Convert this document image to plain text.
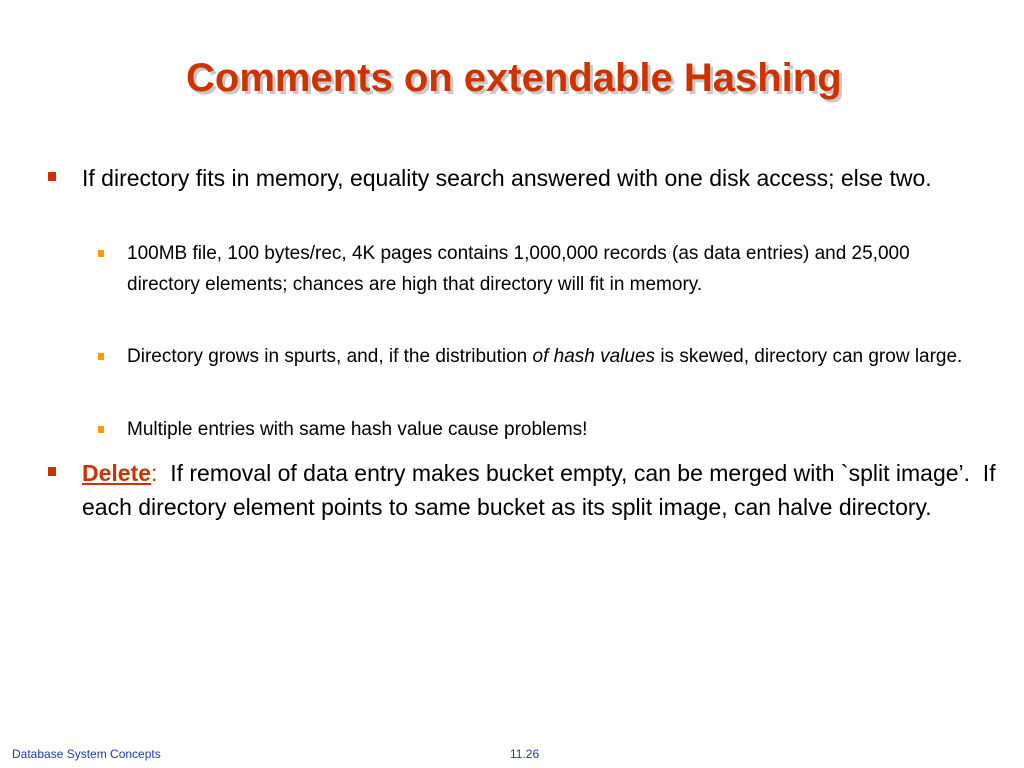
Comments on extendable Hashing
If directory fits in memory, equality search answered with one disk access; else two.
100MB file, 100 bytes/rec, 4K pages contains 1,000,000 records (as data entries) and 25,000 directory elements; chances are high that directory will fit in memory.
Directory grows in spurts, and, if the distribution of hash values is skewed, directory can grow large.
Multiple entries with same hash value cause problems!
Delete:  If removal of data entry makes bucket empty, can be merged with `split image’.  If each directory element points to same bucket as its split image, can halve directory.
Database System Concepts	11.26
